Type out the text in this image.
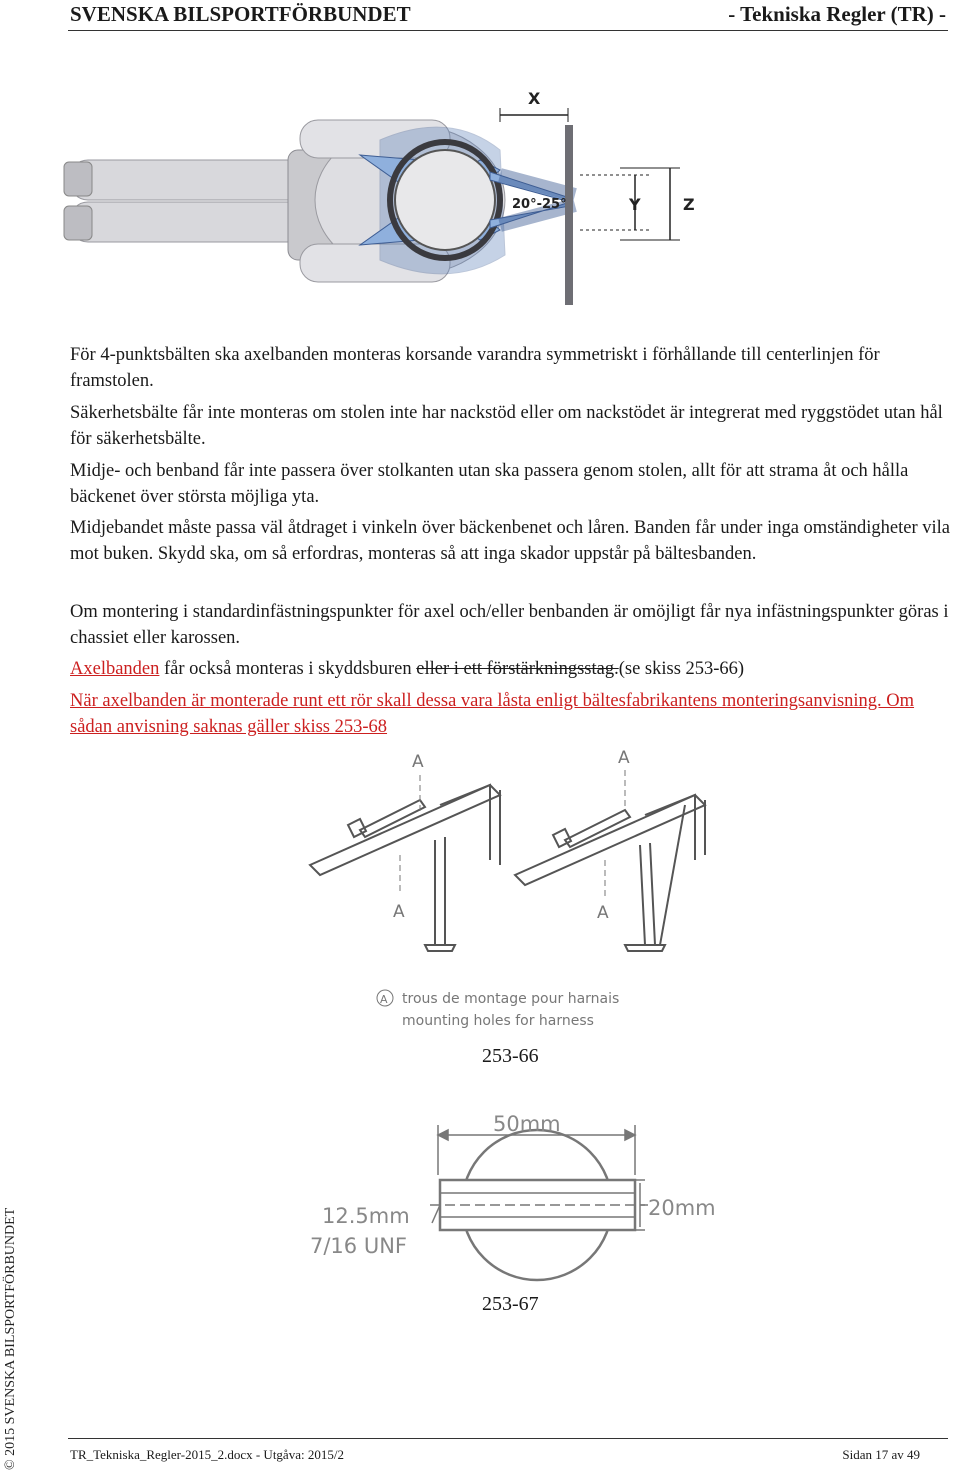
SVENSKA BILSPORTFÖRBUNDET	- Tekniska Regler (TR) -
© 2015 SVENSKA BILSPORTFÖRBUNDET
X
Y	Z
20°-25°
För 4-punktsbälten ska axelbanden monteras korsande varandra symmetriskt i förhållande till centerlinjen för framstolen.
Säkerhetsbälte får inte monteras om stolen inte har nackstöd eller om nackstödet är integrerat med ryggstödet utan hål för säkerhetsbälte.
Midje- och benband får inte passera över stolkanten utan ska passera genom stolen, allt för att strama åt och hålla bäckenet över största möjliga yta.
Midjebandet måste passa väl åtdraget i vinkeln över bäckenbenet och låren. Banden får under inga omständigheter vila mot buken. Skydd ska, om så erfordras, monteras så att inga skador uppstår på bältesbanden.
Om montering i standardinfästningspunkter för axel och/eller benbanden är omöjligt får nya infästningspunkter göras i chassiet eller karossen.
Axelbanden får också monteras i skyddsburen eller i ett förstärkningsstag.(se skiss 253-66)
När axelbanden är monterade runt ett rör skall dessa vara låsta enligt bältesfabrikantens monteringsanvisning. Om sådan anvisning saknas gäller skiss 253-68
A	A
A	A
A trous de montage pour harnais
mounting holes for harness
253-66
50mm
20mm
12.5mm
7/16 UNF
253-67
TR_Tekniska_Regler-2015_2.docx - Utgåva: 2015/2	Sidan 17 av 49
